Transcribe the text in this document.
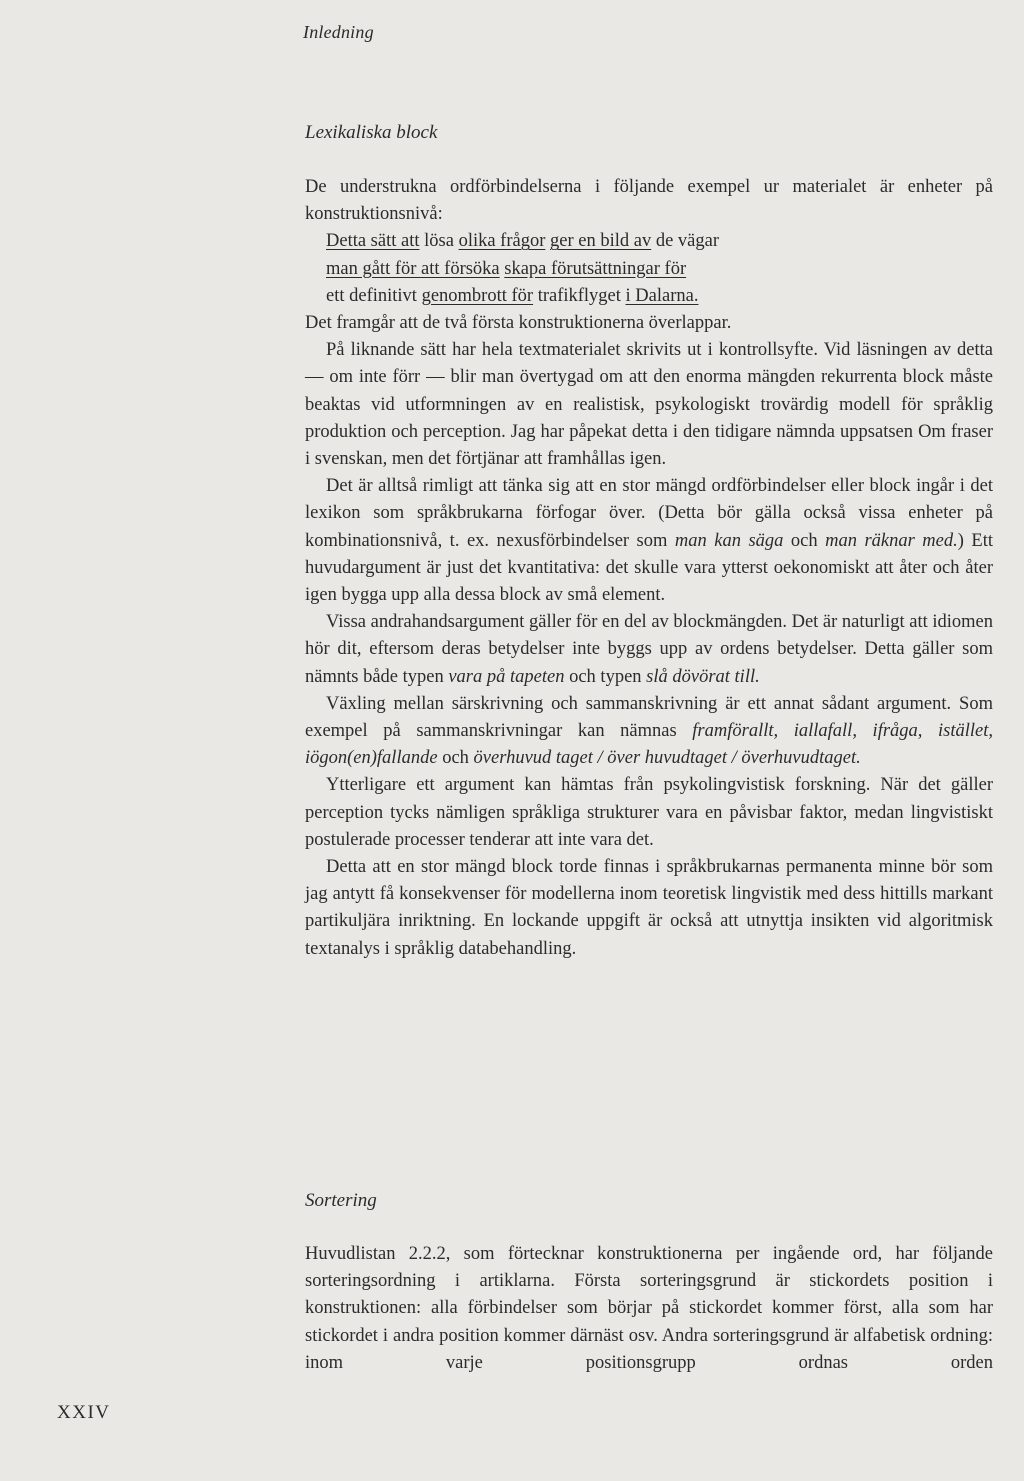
Inledning
Lexikaliska block

De understrukna ordförbindelserna i följande exempel ur materialet är enheter på konstruktionsnivå:

Detta sätt att lösa olika frågor ger en bild av de vägar

man gått för att försöka skapa förutsättningar för

ett definitivt genombrott för trafikflyget i Dalarna.

Det framgår att de två första konstruktionerna överlappar.

På liknande sätt har hela textmaterialet skrivits ut i kontrollsyfte. Vid läsningen av detta — om inte förr — blir man övertygad om att den enorma mängden rekurrenta block måste beaktas vid utformningen av en realistisk, psykologiskt trovärdig modell för språklig produktion och perception. Jag har påpekat detta i den tidigare nämnda uppsatsen Om fraser i svenskan, men det förtjänar att framhållas igen.

Det är alltså rimligt att tänka sig att en stor mängd ordförbindelser eller block ingår i det lexikon som språkbrukarna förfogar över. (Detta bör gälla också vissa enheter på kombinationsnivå, t. ex. nexusförbindelser som man kan säga och man räknar med.) Ett huvudargument är just det kvantitativa: det skulle vara ytterst oekonomiskt att åter och åter igen bygga upp alla dessa block av små element.

Vissa andrahandsargument gäller för en del av blockmängden. Det är naturligt att idiomen hör dit, eftersom deras betydelser inte byggs upp av ordens betydelser. Detta gäller som nämnts både typen vara på tapeten och typen slå dövörat till.

Växling mellan särskrivning och sammanskrivning är ett annat sådant argument. Som exempel på sammanskrivningar kan nämnas framförallt, iallafall, ifråga, istället, iögon(en)fallande och överhuvud taget / över huvudtaget / överhuvudtaget.

Ytterligare ett argument kan hämtas från psykolingvistisk forskning. När det gäller perception tycks nämligen språkliga strukturer vara en påvisbar faktor, medan lingvistiskt postulerade processer tenderar att inte vara det.

Detta att en stor mängd block torde finnas i språkbrukarnas permanenta minne bör som jag antytt få konsekvenser för modellerna inom teoretisk lingvistik med dess hittills markant partikuljära inriktning. En lockande uppgift är också att utnyttja insikten vid algoritmisk textanalys i språklig databehandling.

Sortering

Huvudlistan 2.2.2, som förtecknar konstruktionerna per ingående ord, har följande sorteringsordning i artiklarna. Första sorteringsgrund är stickordets position i konstruktionen: alla förbindelser som börjar på stickordet kommer först, alla som har stickordet i andra position kommer därnäst osv. Andra sorteringsgrund är alfabetisk ordning: inom varje positionsgrupp ordnas orden

XXIV
